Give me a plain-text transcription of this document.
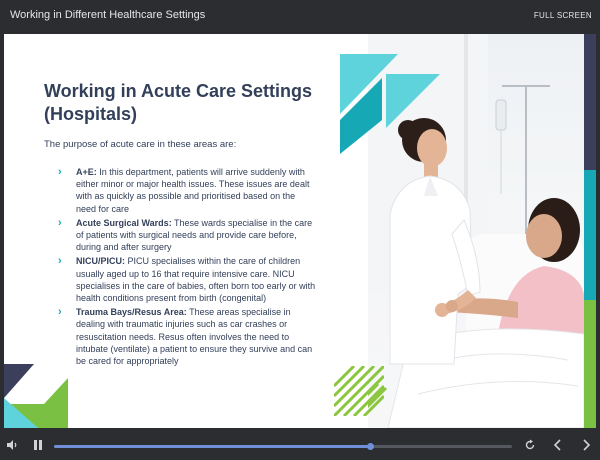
Working in Different Healthcare Settings	FULL SCREEN
Working in Acute Care Settings (Hospitals)
The purpose of acute care in these areas are:
› A+E: In this department, patients will arrive suddenly with either minor or major health issues. These issues are dealt with as quickly as possible and prioritised based on the need for care
› Acute Surgical Wards: These wards specialise in the care of patients with surgical needs and provide care before, during and after surgery
› NICU/PICU: PICU specialises within the care of children usually aged up to 16 that require intensive care. NICU specialises in the care of babies, often born too early or with health conditions present from birth (congenital)
› Trauma Bays/Resus Area: These areas specialise in dealing with traumatic injuries such as car crashes or resuscitation needs. Resus often involves the need to intubate (ventilate) a patient to ensure they survive and can be cared for appropriately
